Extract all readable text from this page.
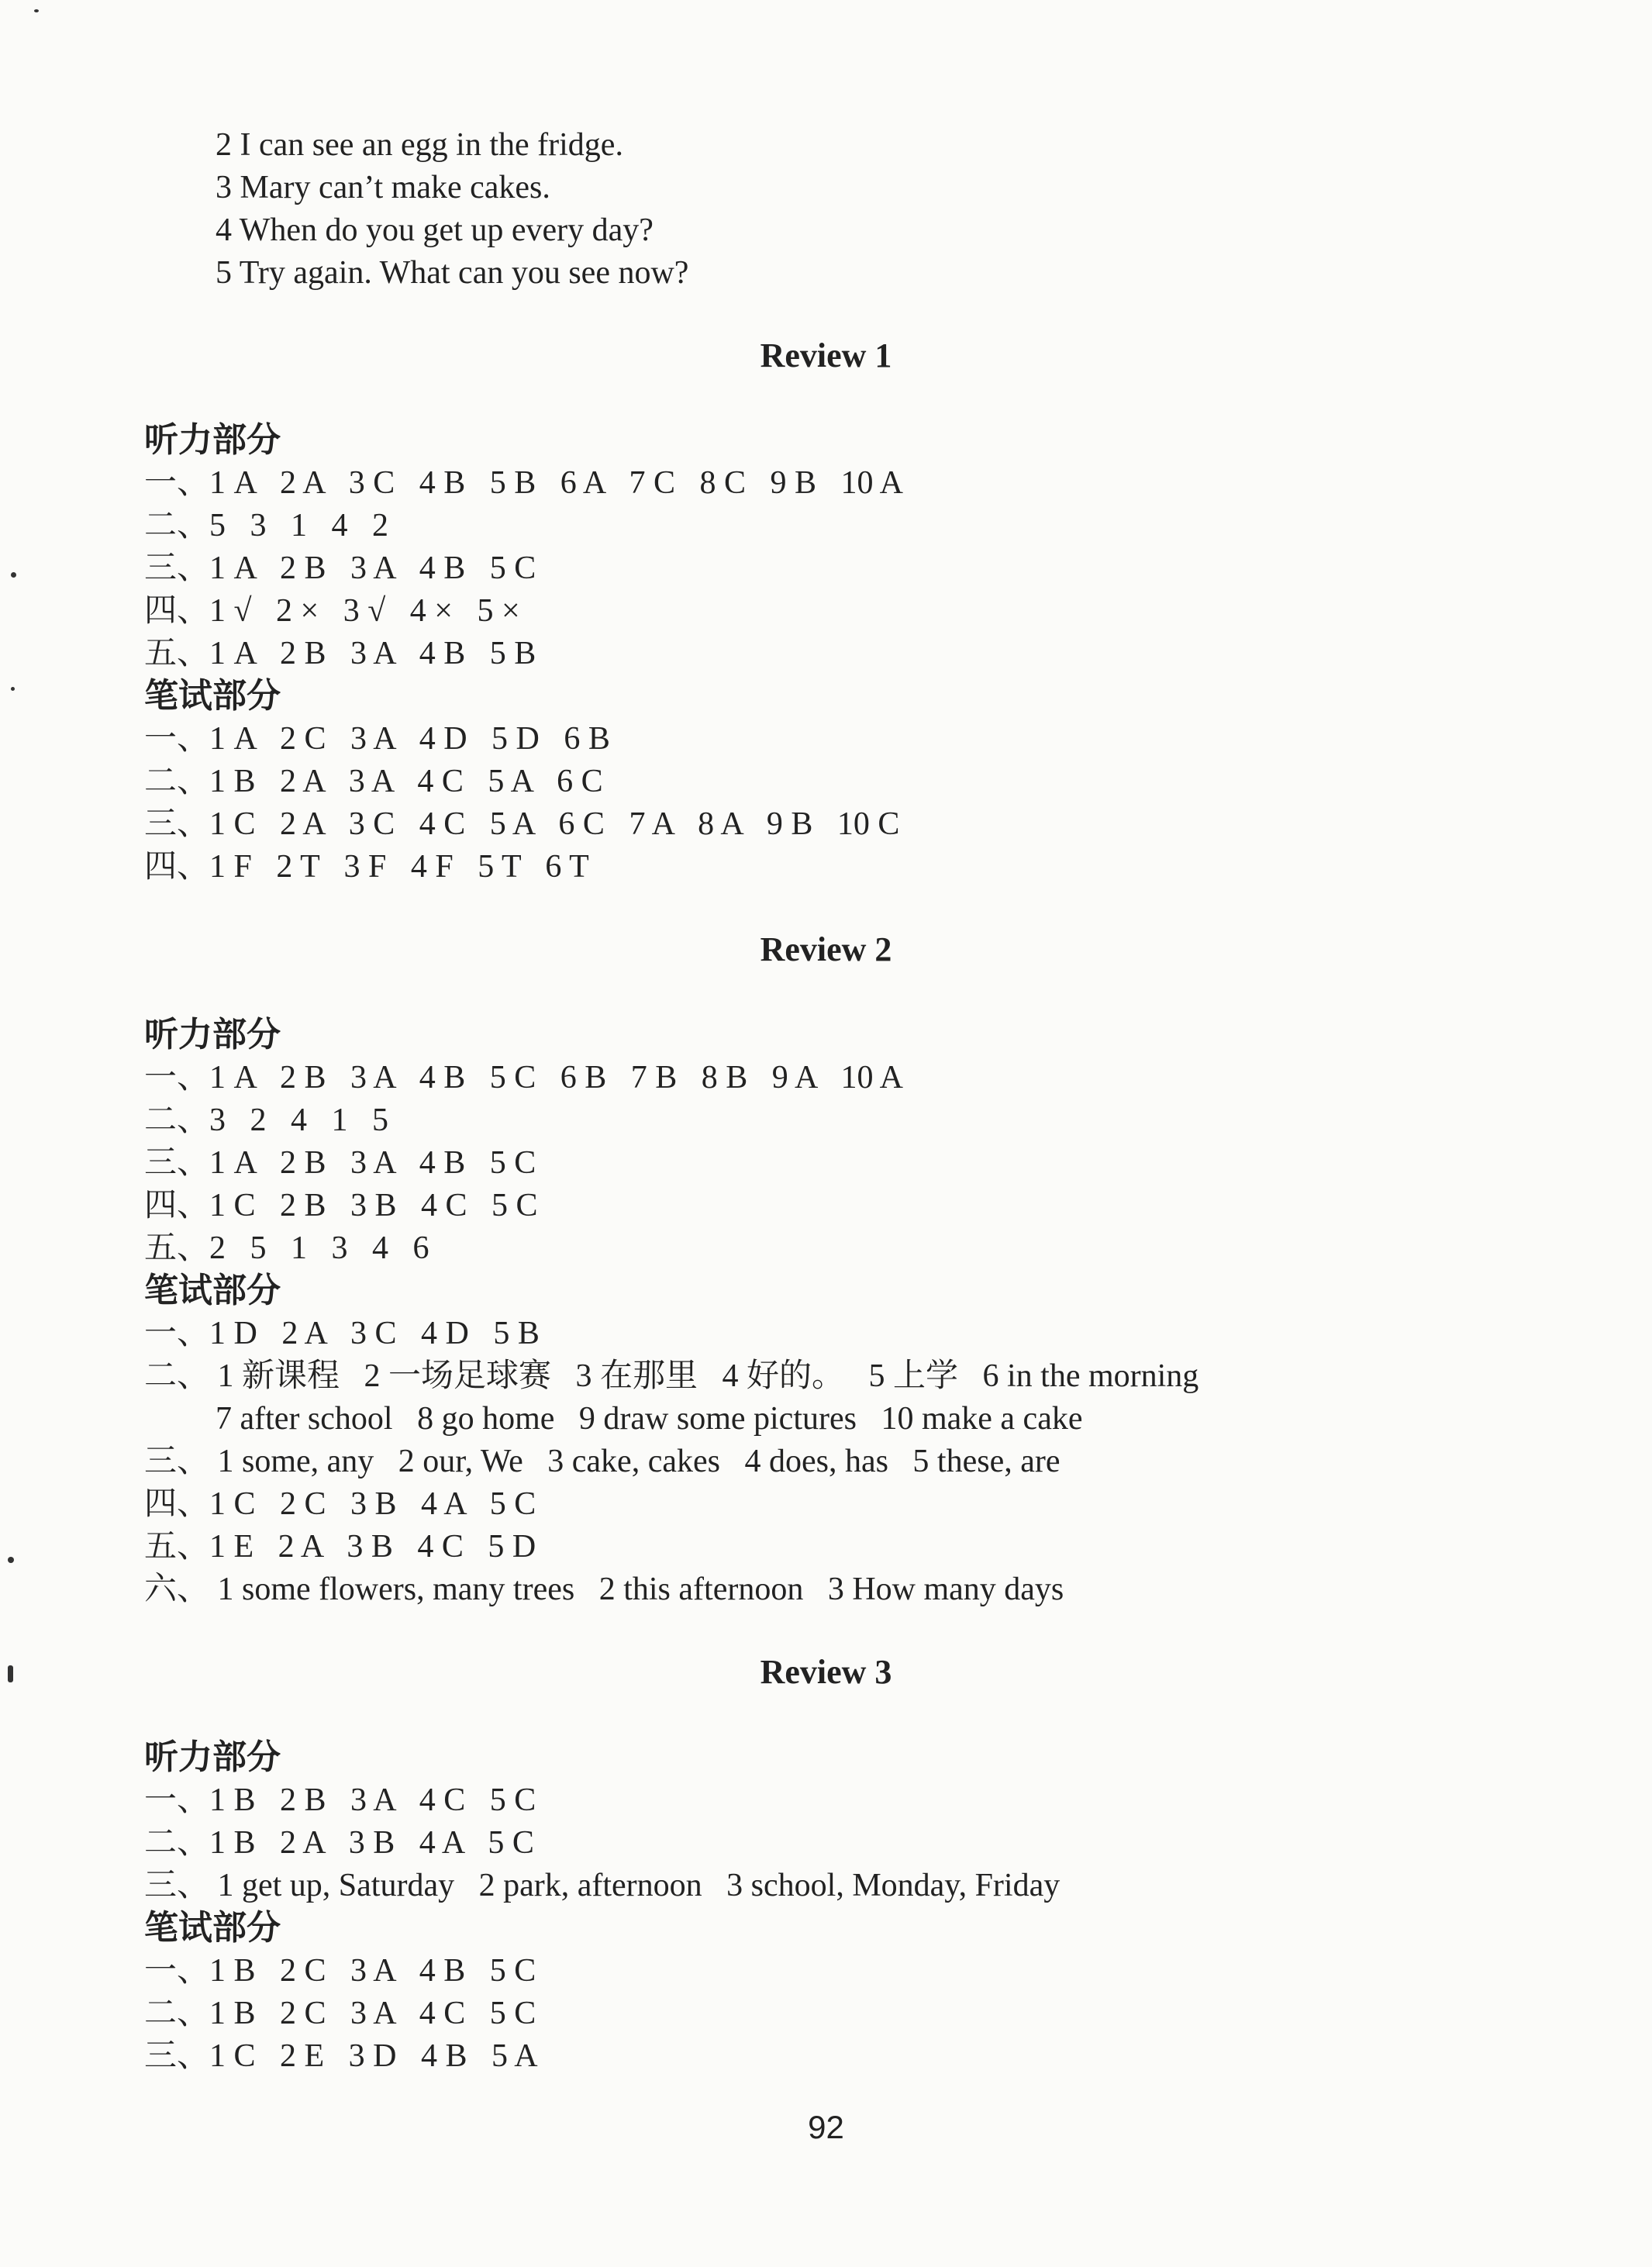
2 I can see an egg in the fridge.
3 Mary can’t make cakes.
4 When do you get up every day?
5 Try again. What can you see now?
Review 1
听力部分
一、1 A   2 A   3 C   4 B   5 B   6 A   7 C   8 C   9 B   10 A
二、5   3   1   4   2
三、1 A   2 B   3 A   4 B   5 C
四、1 √   2 ×   3 √   4 ×   5 ×
五、1 A   2 B   3 A   4 B   5 B
笔试部分
一、1 A   2 C   3 A   4 D   5 D   6 B
二、1 B   2 A   3 A   4 C   5 A   6 C
三、1 C   2 A   3 C   4 C   5 A   6 C   7 A   8 A   9 B   10 C
四、1 F   2 T   3 F   4 F   5 T   6 T
Review 2
听力部分
一、1 A   2 B   3 A   4 B   5 C   6 B   7 B   8 B   9 A   10 A
二、3   2   4   1   5
三、1 A   2 B   3 A   4 B   5 C
四、1 C   2 B   3 B   4 C   5 C
五、2   5   1   3   4   6
笔试部分
一、1 D   2 A   3 C   4 D   5 B
二、 1 新课程   2 一场足球赛   3 在那里   4 好的。   5 上学   6 in the morning
7 after school   8 go home   9 draw some pictures   10 make a cake
三、 1 some, any   2 our, We   3 cake, cakes   4 does, has   5 these, are
四、1 C   2 C   3 B   4 A   5 C
五、1 E   2 A   3 B   4 C   5 D
六、 1 some flowers, many trees   2 this afternoon   3 How many days
Review 3
听力部分
一、1 B   2 B   3 A   4 C   5 C
二、1 B   2 A   3 B   4 A   5 C
三、 1 get up, Saturday   2 park, afternoon   3 school, Monday, Friday
笔试部分
一、1 B   2 C   3 A   4 B   5 C
二、1 B   2 C   3 A   4 C   5 C
三、1 C   2 E   3 D   4 B   5 A
92
